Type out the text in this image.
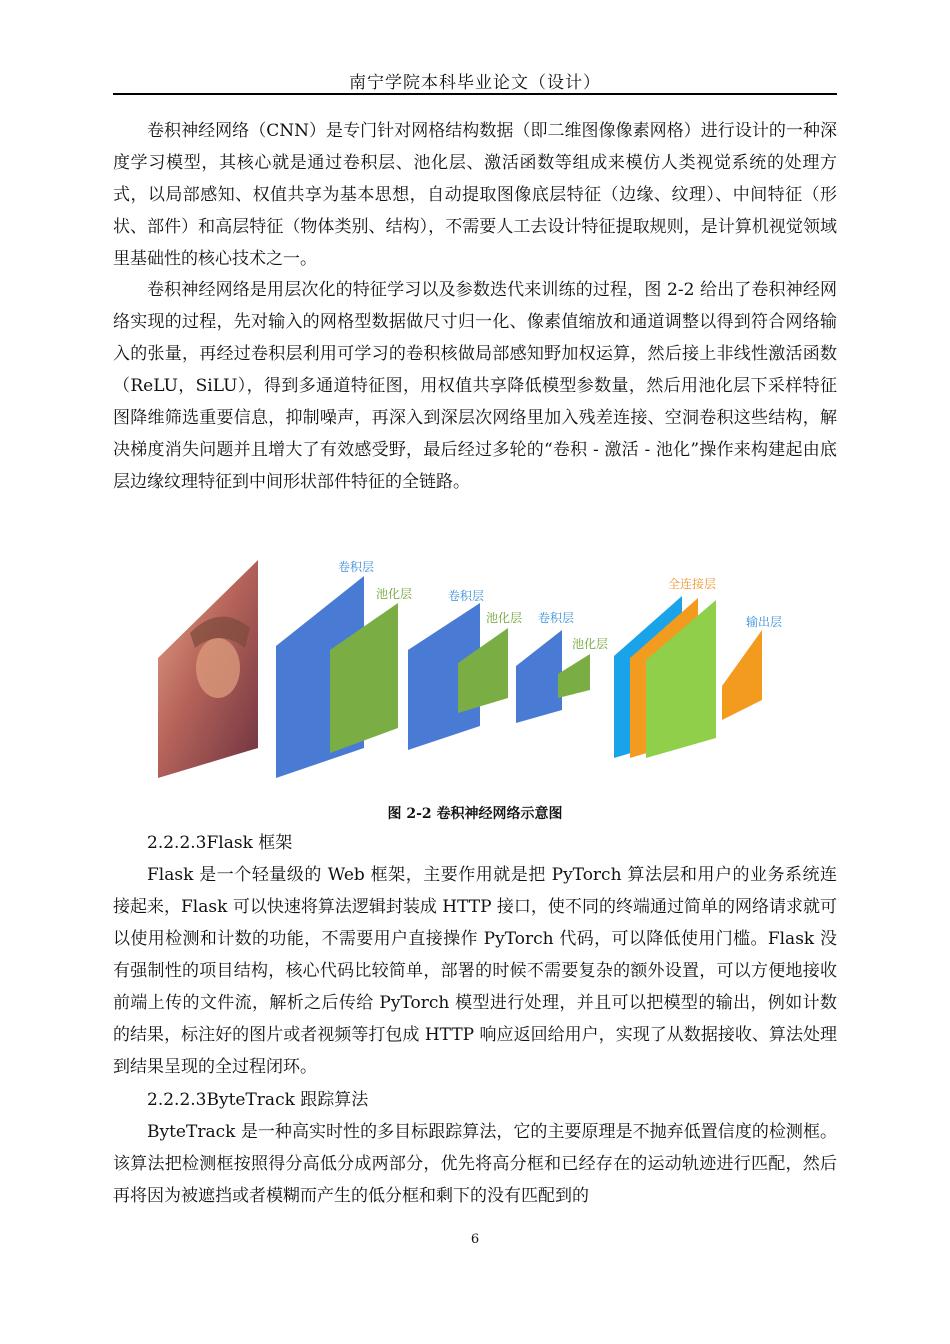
南宁学院本科毕业论文（设计）

卷积神经网络（CNN）是专门针对网格结构数据（即二维图像像素网格）进行设计的一种深度学习模型，其核心就是通过卷积层、池化层、激活函数等组成来模仿人类视觉系统的处理方式，以局部感知、权值共享为基本思想，自动提取图像底层特征（边缘、纹理）、中间特征（形状、部件）和高层特征（物体类别、结构），不需要人工去设计特征提取规则，是计算机视觉领域里基础性的核心技术之一。

卷积神经网络是用层次化的特征学习以及参数迭代来训练的过程，图 2-2 给出了卷积神经网络实现的过程，先对输入的网格型数据做尺寸归一化、像素值缩放和通道调整以得到符合网络输入的张量，再经过卷积层利用可学习的卷积核做局部感知野加权运算，然后接上非线性激活函数（ReLU，SiLU），得到多通道特征图，用权值共享降低模型参数量，然后用池化层下采样特征图降维筛选重要信息，抑制噪声，再深入到深层次网络里加入残差连接、空洞卷积这些结构，解决梯度消失问题并且增大了有效感受野，最后经过多轮的“卷积 - 激活 - 池化”操作来构建起由底层边缘纹理特征到中间形状部件特征的全链路。

卷积层
池化层	卷积层
池化层 卷积层
池化层
全连接层
输出层
图 2-2 卷积神经网络示意图
2.2.2.3Flask 框架

Flask 是一个轻量级的 Web 框架，主要作用就是把 PyTorch 算法层和用户的业务系统连接起来，Flask 可以快速将算法逻辑封装成 HTTP 接口，使不同的终端通过简单的网络请求就可以使用检测和计数的功能，不需要用户直接操作 PyTorch 代码，可以降低使用门槛。Flask 没有强制性的项目结构，核心代码比较简单，部署的时候不需要复杂的额外设置，可以方便地接收前端上传的文件流，解析之后传给 PyTorch 模型进行处理，并且可以把模型的输出，例如计数的结果，标注好的图片或者视频等打包成 HTTP 响应返回给用户，实现了从数据接收、算法处理到结果呈现的全过程闭环。

2.2.2.3ByteTrack 跟踪算法

ByteTrack 是一种高实时性的多目标跟踪算法，它的主要原理是不抛弃低置信度的检测框。该算法把检测框按照得分高低分成两部分，优先将高分框和已经存在的运动轨迹进行匹配，然后再将因为被遮挡或者模糊而产生的低分框和剩下的没有匹配到的

6
